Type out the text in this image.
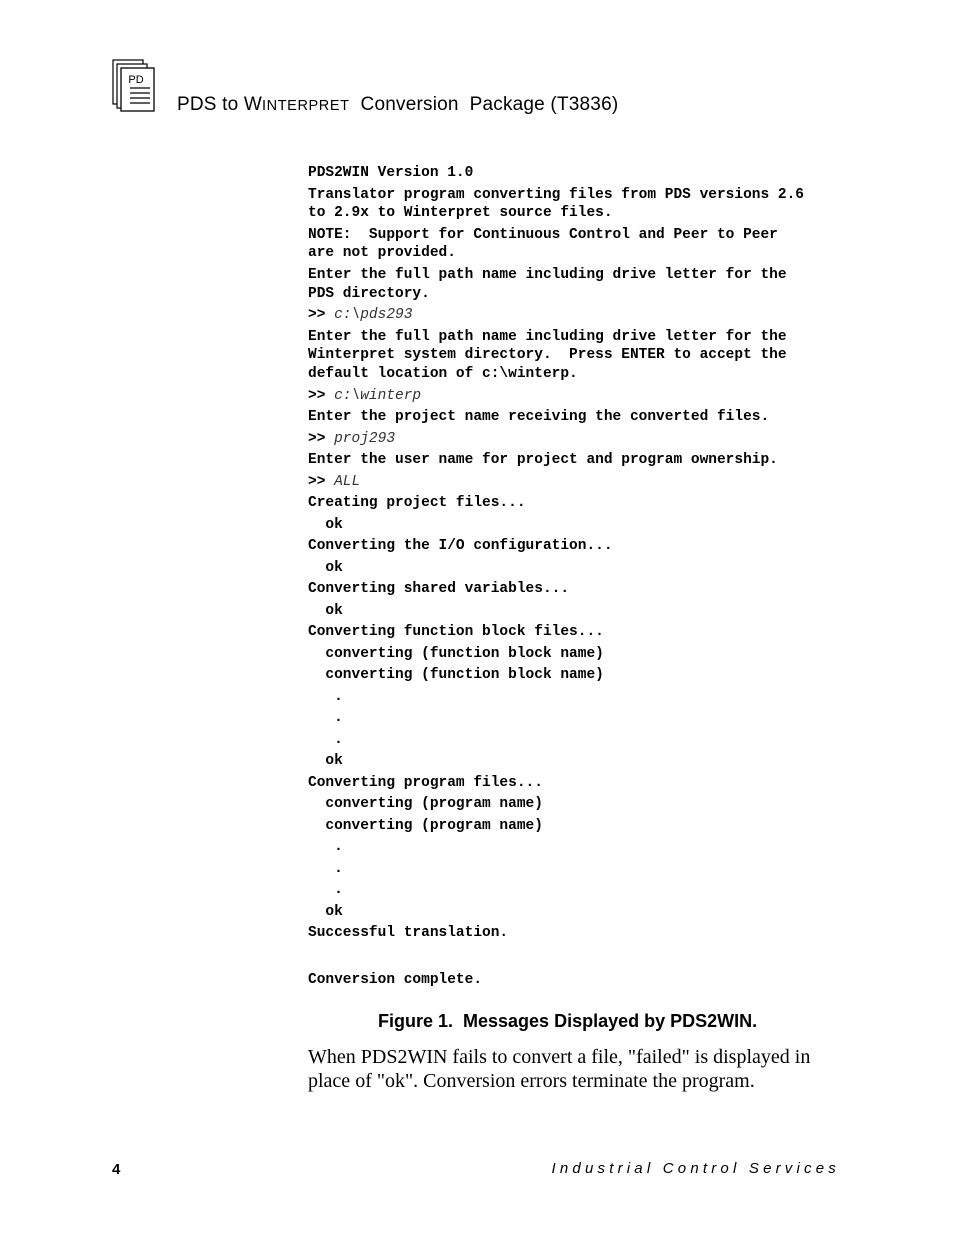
PD
PDS to WINTERPRET  Conversion  Package (T3836)
PDS2WIN Version 1.0
Translator program converting files from PDS versions 2.6
to 2.9x to Winterpret source files.
NOTE:  Support for Continuous Control and Peer to Peer
are not provided.
Enter the full path name including drive letter for the
PDS directory.
>> c:\pds293
Enter the full path name including drive letter for the
Winterpret system directory.  Press ENTER to accept the
default location of c:\winterp.
>> c:\winterp
Enter the project name receiving the converted files.
>> proj293
Enter the user name for project and program ownership.
>> ALL
Creating project files...
ok
Converting the I/O configuration...
ok
Converting shared variables...
ok
Converting function block files...
converting (function block name)
converting (function block name)
.
.
.
ok
Converting program files...
converting (program name)
converting (program name)
.
.
.
ok
Successful translation.
Conversion complete.
Figure 1.  Messages Displayed by PDS2WIN.
When PDS2WIN fails to convert a file, "failed" is displayed in place of "ok". Conversion errors terminate the program.
4	Industrial Control Services
